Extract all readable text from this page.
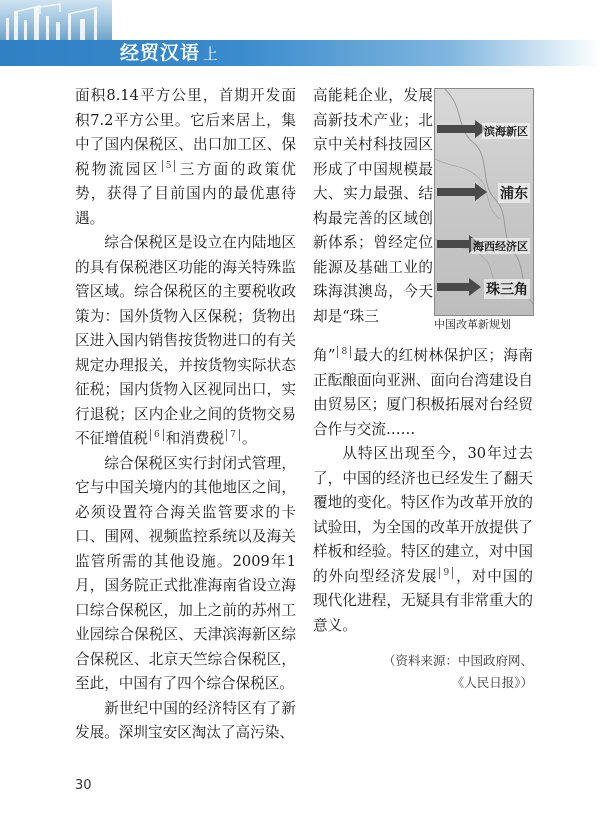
经贸汉语 上

面积8.14平方公里，首期开发面积7.2平方公里。它后来居上，集中了国内保税区、出口加工区、保税物流园区 5 三方面的政策优势，获得了目前国内的最优惠待遇。

综合保税区是设立在内陆地区的具有保税港区功能的海关特殊监管区域。综合保税区的主要税收政策为：国外货物入区保税；货物出区进入国内销售按货物进口的有关规定办理报关，并按货物实际状态征税；国内货物入区视同出口，实行退税；区内企业之间的货物交易不征增值税 6 和消费税 7 。

综合保税区实行封闭式管理，它与中国关境内的其他地区之间，必须设置符合海关监管要求的卡口、围网、视频监控系统以及海关监管所需的其他设施。2009年1月，国务院正式批准海南省设立海口综合保税区，加上之前的苏州工业园综合保税区、天津滨海新区综合保税区、北京天竺综合保税区，至此，中国有了四个综合保税区。

新世纪中国的经济特区有了新发展。深圳宝安区淘汰了高污染、

高能耗企业，发展高新技术产业；北京中关村科技园区形成了中国规模最大、实力最强、结构最完善的区域创新体系；曾经定位能源及基础工业的珠海淇澳岛，今天却是“珠三

滨海新区
浦东
海西经济区
珠三角
中国改革新规划

角” 8 最大的红树林保护区；海南正酝酿面向亚洲、面向台湾建设自由贸易区；厦门积极拓展对台经贸合作与交流……

从特区出现至今，30年过去了，中国的经济也已经发生了翻天覆地的变化。特区作为改革开放的试验田，为全国的改革开放提供了样板和经验。特区的建立，对中国的外向型经济发展 9 ，对中国的现代化进程，无疑具有非常重大的意义。

（资料来源：中国政府网、
《人民日报》）
30
